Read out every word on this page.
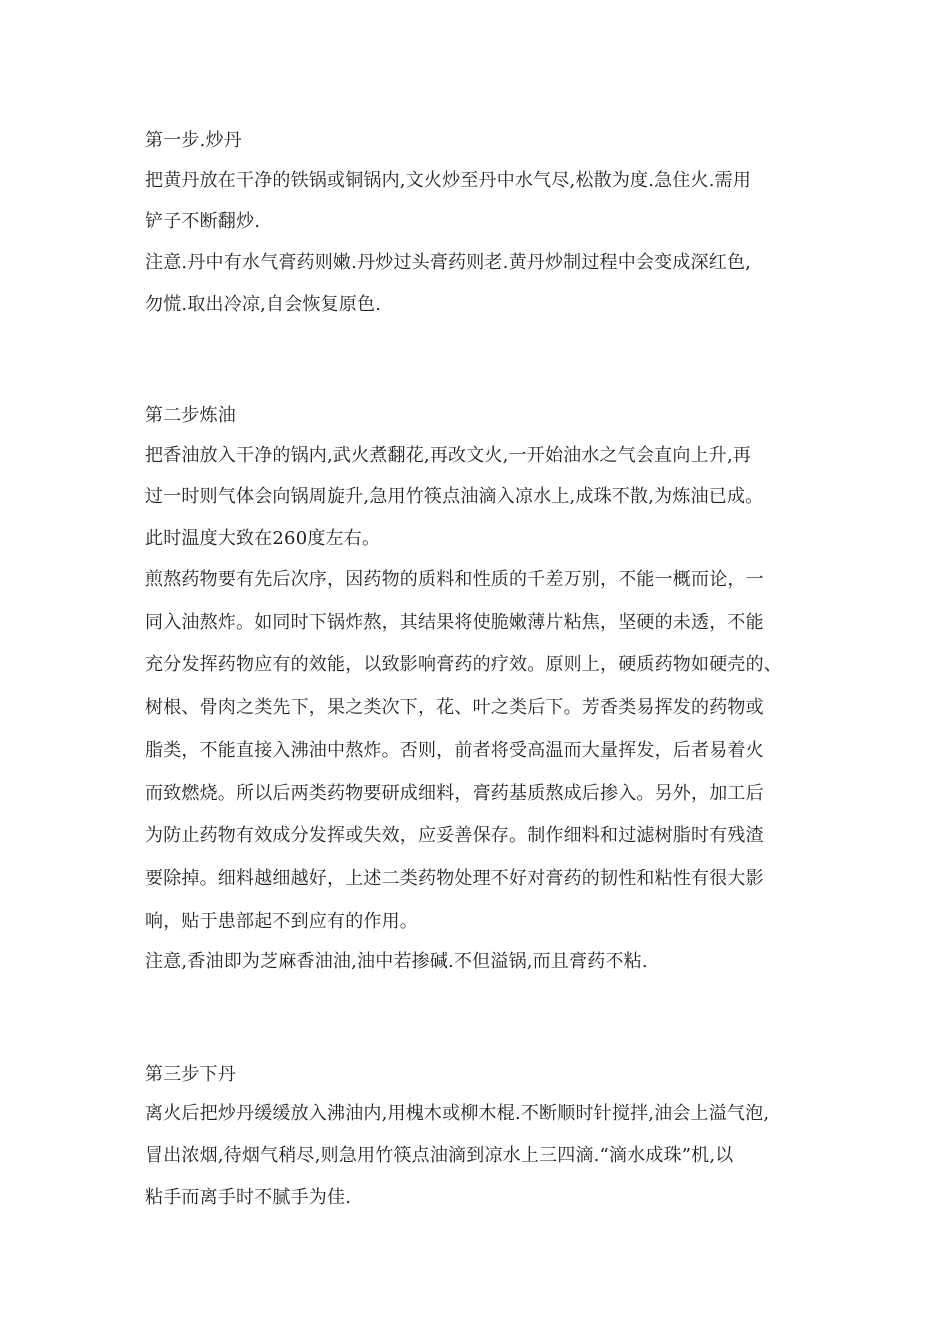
第一步.炒丹
把黄丹放在干净的铁锅或铜锅内,文火炒至丹中水气尽,松散为度.急住火.需用
铲子不断翻炒.
注意.丹中有水气膏药则嫩.丹炒过头膏药则老.黄丹炒制过程中会变成深红色,
勿慌.取出冷凉,自会恢复原色.
第二步炼油
把香油放入干净的锅内,武火煮翻花,再改文火,一开始油水之气会直向上升,再
过一时则气体会向锅周旋升,急用竹筷点油滴入凉水上,成珠不散,为炼油已成。
此时温度大致在260度左右。
煎熬药物要有先后次序，因药物的质料和性质的千差万别，不能一概而论，一
同入油熬炸。如同时下锅炸熬，其结果将使脆嫩薄片粘焦，坚硬的未透，不能
充分发挥药物应有的效能，以致影响膏药的疗效。原则上，硬质药物如硬壳的、
树根、骨肉之类先下，果之类次下，花、叶之类后下。芳香类易挥发的药物或
脂类，不能直接入沸油中熬炸。否则，前者将受高温而大量挥发，后者易着火
而致燃烧。所以后两类药物要研成细料，膏药基质熬成后掺入。另外，加工后
为防止药物有效成分发挥或失效，应妥善保存。制作细料和过滤树脂时有残渣
要除掉。细料越细越好，上述二类药物处理不好对膏药的韧性和粘性有很大影
响，贴于患部起不到应有的作用。
注意,香油即为芝麻香油油,油中若掺碱.不但溢锅,而且膏药不粘.
第三步下丹
离火后把炒丹缓缓放入沸油内,用槐木或柳木棍.不断顺时针搅拌,油会上溢气泡,
冒出浓烟,待烟气稍尽,则急用竹筷点油滴到凉水上三四滴.“滴水成珠”机,以
粘手而离手时不腻手为佳.
